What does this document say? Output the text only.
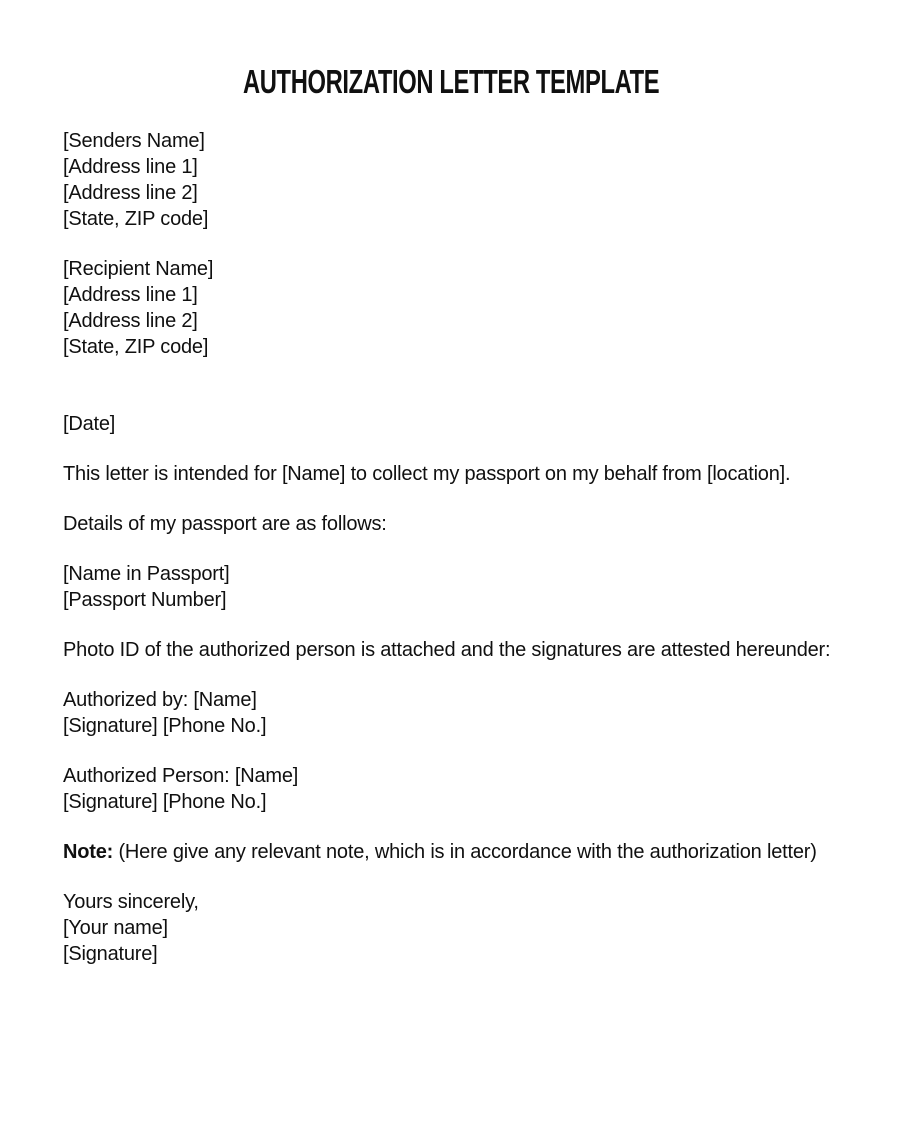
AUTHORIZATION LETTER TEMPLATE
[Senders Name]
[Address line 1]
[Address line 2]
[State, ZIP code]
[Recipient Name]
[Address line 1]
[Address line 2]
[State, ZIP code]
[Date]
This letter is intended for [Name] to collect my passport on my behalf from [location].
Details of my passport are as follows:
[Name in Passport]
[Passport Number]
Photo ID of the authorized person is attached and the signatures are attested hereunder:
Authorized by: [Name]
[Signature] [Phone No.]
Authorized Person: [Name]
[Signature] [Phone No.]
Note: (Here give any relevant note, which is in accordance with the authorization letter)
Yours sincerely,
[Your name]
[Signature]
